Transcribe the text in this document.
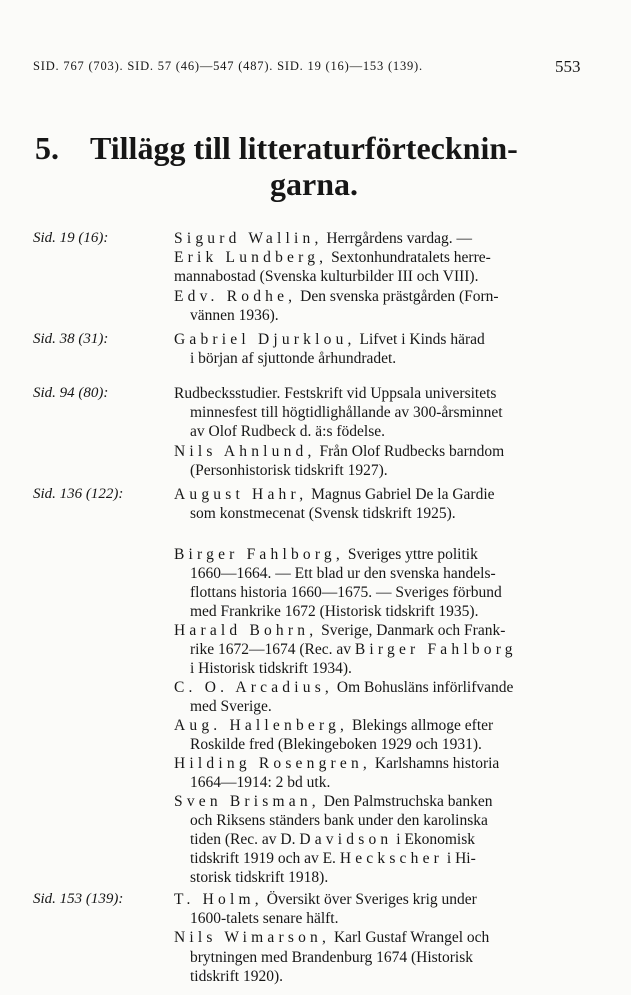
SID. 767 (703). SID. 57 (46)—547 (487). SID. 19 (16)—153 (139).	553
5. Tillägg till litteraturförtecknin-
garna.
Sid. 19 (16):	Sigurd Wallin, Herrgårdens vardag. —
Erik Lundberg, Sextonhundratalets herre-
mannabostad (Svenska kulturbilder III och VIII).
Edv. Rodhe, Den svenska prästgården (Forn-
vännen 1936).
Sid. 38 (31):	Gabriel Djurklou, Lifvet i Kinds härad
i början af sjuttonde århundradet.
Sid. 94 (80):	Rudbecksstudier. Festskrift vid Uppsala universitets
minnesfest till högtidlighållande av 300-årsminnet
av Olof Rudbeck d. ä:s födelse.
Nils Ahnlund, Från Olof Rudbecks barndom
(Personhistorisk tidskrift 1927).
Sid. 136 (122):	August Hahr, Magnus Gabriel De la Gardie
som konstmecenat (Svensk tidskrift 1925).
Birger Fahlborg, Sveriges yttre politik
1660—1664. — Ett blad ur den svenska handels-
flottans historia 1660—1675. — Sveriges förbund
med Frankrike 1672 (Historisk tidskrift 1935).
Harald Bohrn, Sverige, Danmark och Frank-
rike 1672—1674 (Rec. av Birger Fahlborg
i Historisk tidskrift 1934).
C. O. Arcadius, Om Bohusläns införlifvande
med Sverige.
Aug. Hallenberg, Blekings allmoge efter
Roskilde fred (Blekingeboken 1929 och 1931).
Hilding Rosengren, Karlshamns historia
1664—1914: 2 bd utk.
Sven Brisman, Den Palmstruchska banken
och Riksens ständers bank under den karolinska
tiden (Rec. av D. Davidson i Ekonomisk
tidskrift 1919 och av E. Heckscher i Hi-
storisk tidskrift 1918).
Sid. 153 (139):	T. Holm, Översikt över Sveriges krig under
1600-talets senare hälft.
Nils Wimarson, Karl Gustaf Wrangel och
brytningen med Brandenburg 1674 (Historisk
tidskrift 1920).
